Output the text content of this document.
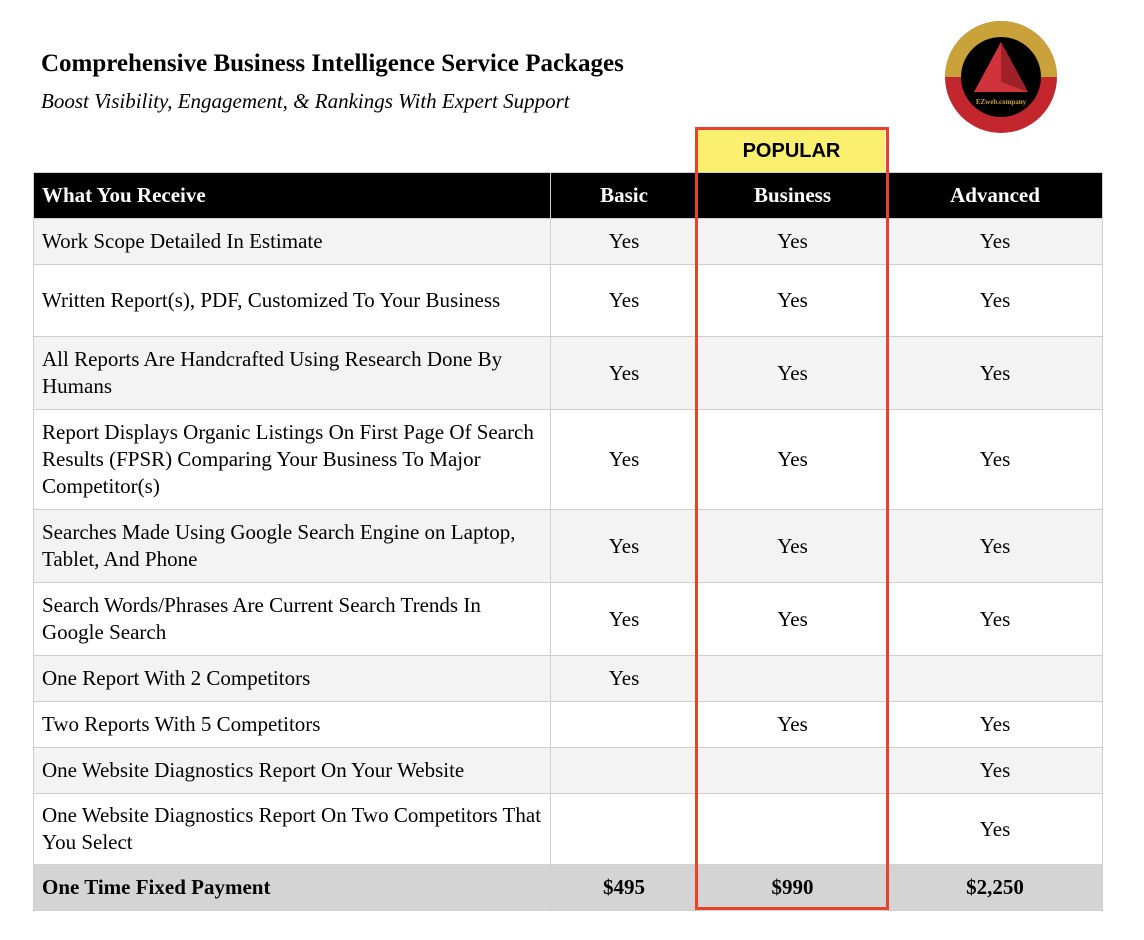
Comprehensive Business Intelligence Service Packages
Boost Visibility, Engagement, & Rankings With Expert Support	EZweb.company
POPULAR
What You Receive	Basic	Business	Advanced
Work Scope Detailed In Estimate	Yes	Yes	Yes
Written Report(s), PDF, Customized To Your Business	Yes	Yes	Yes
All Reports Are Handcrafted Using Research Done By Humans	Yes	Yes	Yes
Report Displays Organic Listings On First Page Of Search Results (FPSR) Comparing Your Business To Major Competitor(s)	Yes	Yes	Yes
Searches Made Using Google Search Engine on Laptop, Tablet, And Phone	Yes	Yes	Yes
Search Words/Phrases Are Current Search Trends In Google Search	Yes	Yes	Yes
One Report With 2 Competitors	Yes		
Two Reports With 5 Competitors		Yes	Yes
One Website Diagnostics Report On Your Website			Yes
One Website Diagnostics Report On Two Competitors That You Select			Yes
One Time Fixed Payment	$495	$990	$2,250
